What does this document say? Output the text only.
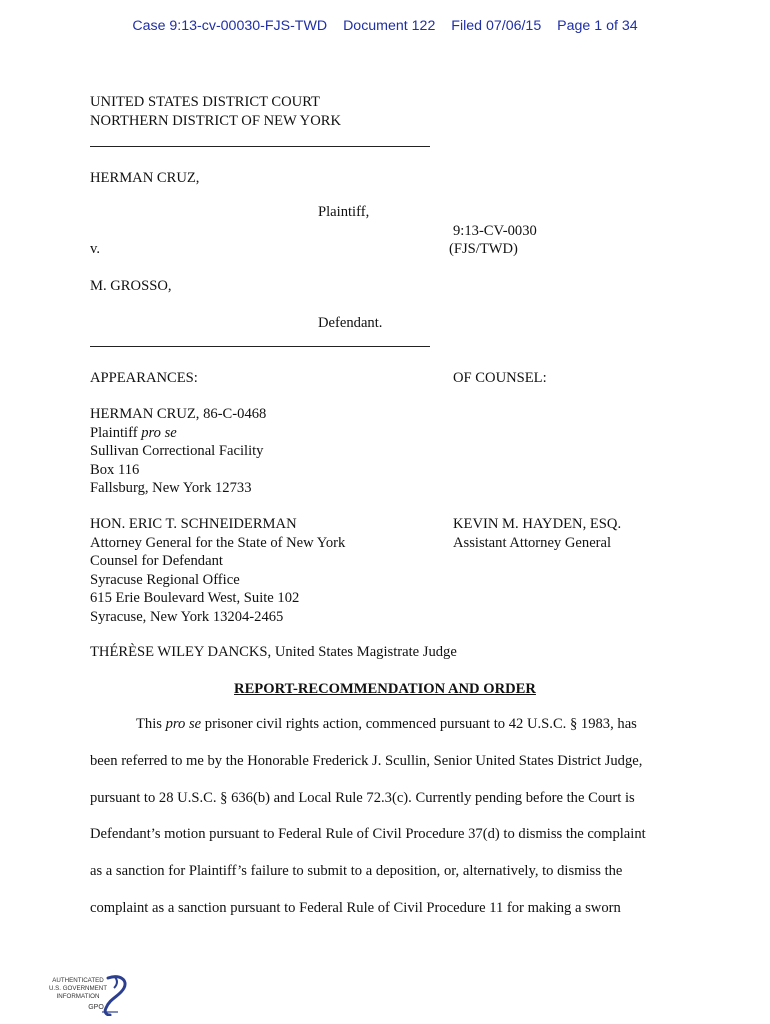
Case 9:13-cv-00030-FJS-TWD Document 122 Filed 07/06/15 Page 1 of 34
UNITED STATES DISTRICT COURT
NORTHERN DISTRICT OF NEW YORK
HERMAN CRUZ,
Plaintiff,
9:13-CV-0030
v.	(FJS/TWD)
M. GROSSO,
Defendant.
APPEARANCES:	OF COUNSEL:
HERMAN CRUZ, 86-C-0468
Plaintiff pro se
Sullivan Correctional Facility
Box 116
Fallsburg, New York 12733
HON. ERIC T. SCHNEIDERMAN
Attorney General for the State of New York
Counsel for Defendant
Syracuse Regional Office
615 Erie Boulevard West, Suite 102
Syracuse, New York 13204-2465
KEVIN M. HAYDEN, ESQ.
Assistant Attorney General
THÉRÈSE WILEY DANCKS, United States Magistrate Judge
REPORT-RECOMMENDATION AND ORDER
This pro se prisoner civil rights action, commenced pursuant to 42 U.S.C. § 1983, has
been referred to me by the Honorable Frederick J. Scullin, Senior United States District Judge,
pursuant to 28 U.S.C. § 636(b) and Local Rule 72.3(c). Currently pending before the Court is
Defendant’s motion pursuant to Federal Rule of Civil Procedure 37(d) to dismiss the complaint
as a sanction for Plaintiff’s failure to submit to a deposition, or, alternatively, to dismiss the
complaint as a sanction pursuant to Federal Rule of Civil Procedure 11 for making a sworn
AUTHENTICATED
U.S. GOVERNMENT
INFORMATION
GPO
